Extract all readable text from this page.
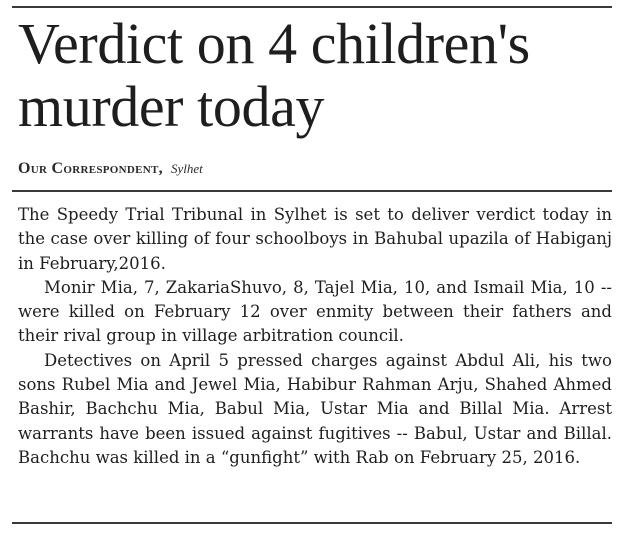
Verdict on 4 children's murder today
Our Correspondent, Sylhet

The Speedy Trial Tribunal in Sylhet is set to deliver verdict today in the case over killing of four schoolboys in Bahubal upazila of Habiganj in February,2016.

Monir Mia, 7, ZakariaShuvo, 8, Tajel Mia, 10, and Ismail Mia, 10 -- were killed on February 12 over enmity between their fathers and their rival group in village arbitration council.

Detectives on April 5 pressed charges against Abdul Ali, his two sons Rubel Mia and Jewel Mia, Habibur Rahman Arju, Shahed Ahmed Bashir, Bachchu Mia, Babul Mia, Ustar Mia and Billal Mia. Arrest warrants have been issued against fugitives -- Babul, Ustar and Billal. Bachchu was killed in a “gunfight” with Rab on February 25, 2016.
